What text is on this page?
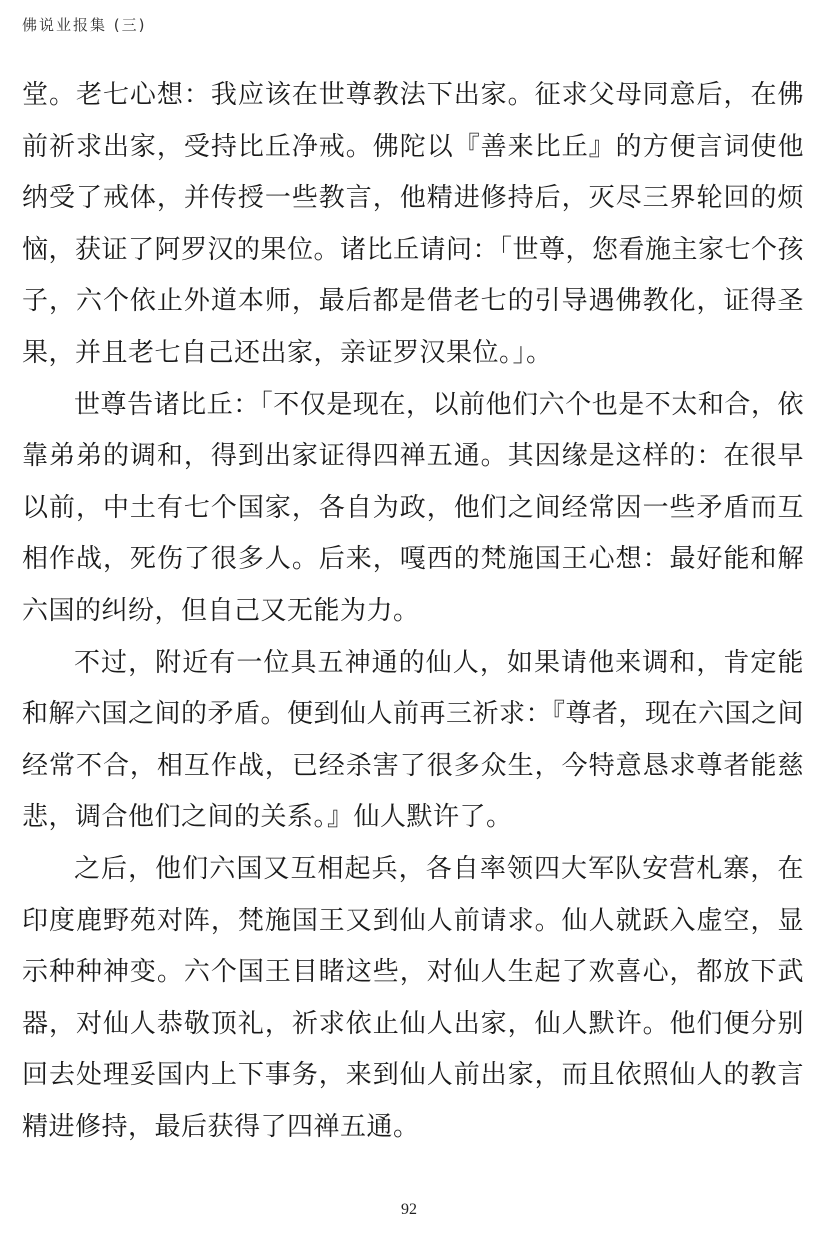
佛说业报集 (三)

堂。老七心想：我应该在世尊教法下出家。征求父母同意后，在佛前祈求出家，受持比丘净戒。佛陀以『善来比丘』的方便言词使他纳受了戒体，并传授一些教言，他精进修持后，灭尽三界轮回的烦恼，获证了阿罗汉的果位。诸比丘请问：「世尊，您看施主家七个孩子，六个依止外道本师，最后都是借老七的引导遇佛教化，证得圣果，并且老七自己还出家，亲证罗汉果位。」。

世尊告诸比丘：「不仅是现在，以前他们六个也是不太和合，依靠弟弟的调和，得到出家证得四禅五通。其因缘是这样的：在很早以前，中土有七个国家，各自为政，他们之间经常因一些矛盾而互相作战，死伤了很多人。后来，嘎西的梵施国王心想：最好能和解六国的纠纷，但自己又无能为力。

不过，附近有一位具五神通的仙人，如果请他来调和，肯定能和解六国之间的矛盾。便到仙人前再三祈求：『尊者，现在六国之间经常不合，相互作战，已经杀害了很多众生，今特意恳求尊者能慈悲，调合他们之间的关系。』仙人默许了。

之后，他们六国又互相起兵，各自率领四大军队安营札寨，在印度鹿野苑对阵，梵施国王又到仙人前请求。仙人就跃入虚空，显示种种神变。六个国王目睹这些，对仙人生起了欢喜心，都放下武器，对仙人恭敬顶礼，祈求依止仙人出家，仙人默许。他们便分别回去处理妥国内上下事务，来到仙人前出家，而且依照仙人的教言精进修持，最后获得了四禅五通。

92
